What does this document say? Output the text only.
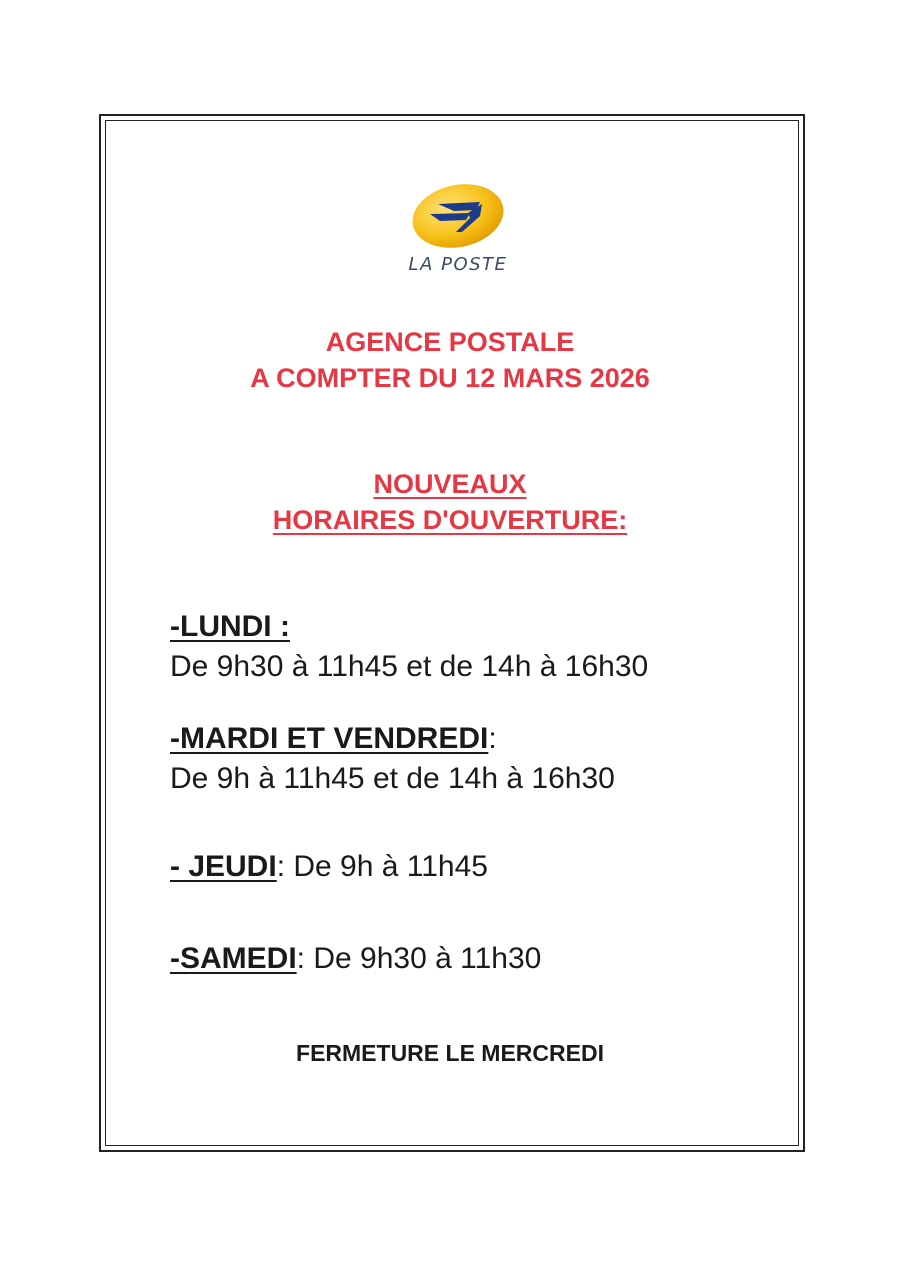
LA POSTE
AGENCE POSTALE
A COMPTER DU 12 MARS 2026
NOUVEAUX
HORAIRES D'OUVERTURE:
-LUNDI :
De 9h30 à 11h45 et de 14h à 16h30
-MARDI ET VENDREDI:
De 9h à 11h45 et de 14h à 16h30
- JEUDI: De 9h à 11h45
-SAMEDI: De 9h30 à 11h30
FERMETURE LE MERCREDI
